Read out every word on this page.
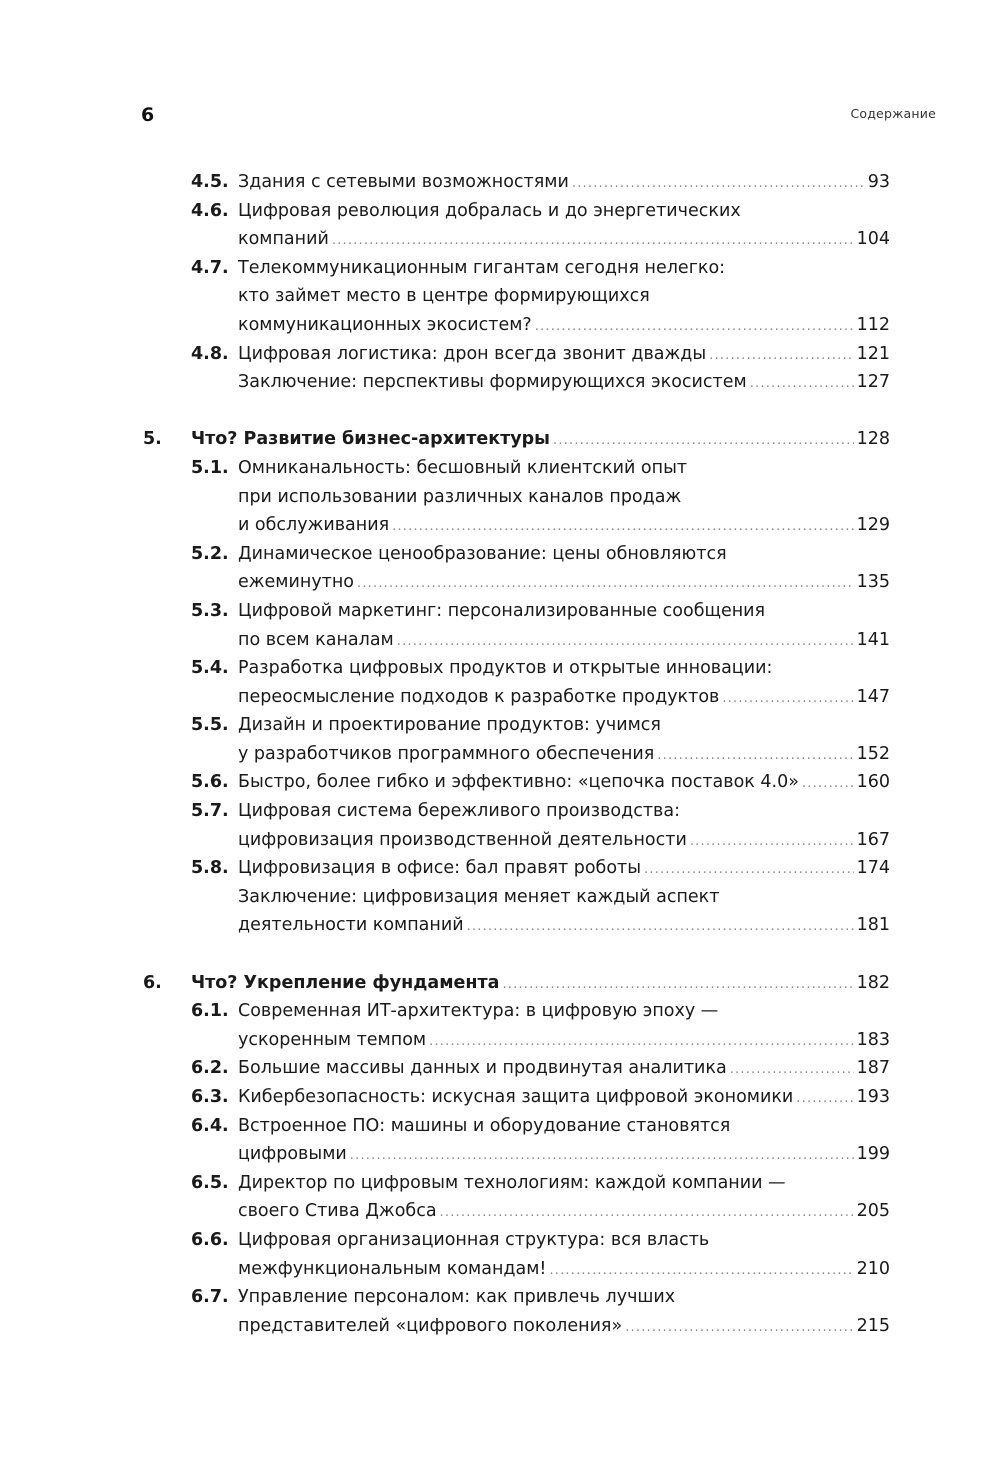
6	Содержание
4.5. Здания с сетевыми возможностями .....	93
4.6. Цифровая революция добралась и до энергетических
компаний .....	104
4.7. Телекоммуникационным гигантам сегодня нелегко:
кто займет место в центре формирующихся
коммуникационных экосистем? .....	112
4.8. Цифровая логистика: дрон всегда звонит дважды .....	121
Заключение: перспективы формирующихся экосистем .....	127
5. Что? Развитие бизнес-архитектуры .....	128
5.1. Омниканальность: бесшовный клиентский опыт
при использовании различных каналов продаж
и обслуживания .....	129
5.2. Динамическое ценообразование: цены обновляются
ежеминутно .....	135
5.3. Цифровой маркетинг: персонализированные сообщения
по всем каналам .....	141
5.4. Разработка цифровых продуктов и открытые инновации:
переосмысление подходов к разработке продуктов .....	147
5.5. Дизайн и проектирование продуктов: учимся
у разработчиков программного обеспечения .....	152
5.6. Быстро, более гибко и эффективно: «цепочка поставок 4.0» .....	160
5.7. Цифровая система бережливого производства:
цифровизация производственной деятельности .....	167
5.8. Цифровизация в офисе: бал правят роботы .....	174
Заключение: цифровизация меняет каждый аспект
деятельности компаний .....	181
6. Что? Укрепление фундамента .....	182
6.1. Современная ИТ-архитектура: в цифровую эпоху —
ускоренным темпом .....	183
6.2. Большие массивы данных и продвинутая аналитика .....	187
6.3. Кибербезопасность: искусная защита цифровой экономики .....	193
6.4. Встроенное ПО: машины и оборудование становятся
цифровыми .....	199
6.5. Директор по цифровым технологиям: каждой компании —
своего Стива Джобса .....	205
6.6. Цифровая организационная структура: вся власть
межфункциональным командам! .....	210
6.7. Управление персоналом: как привлечь лучших
представителей «цифрового поколения» .....	215
